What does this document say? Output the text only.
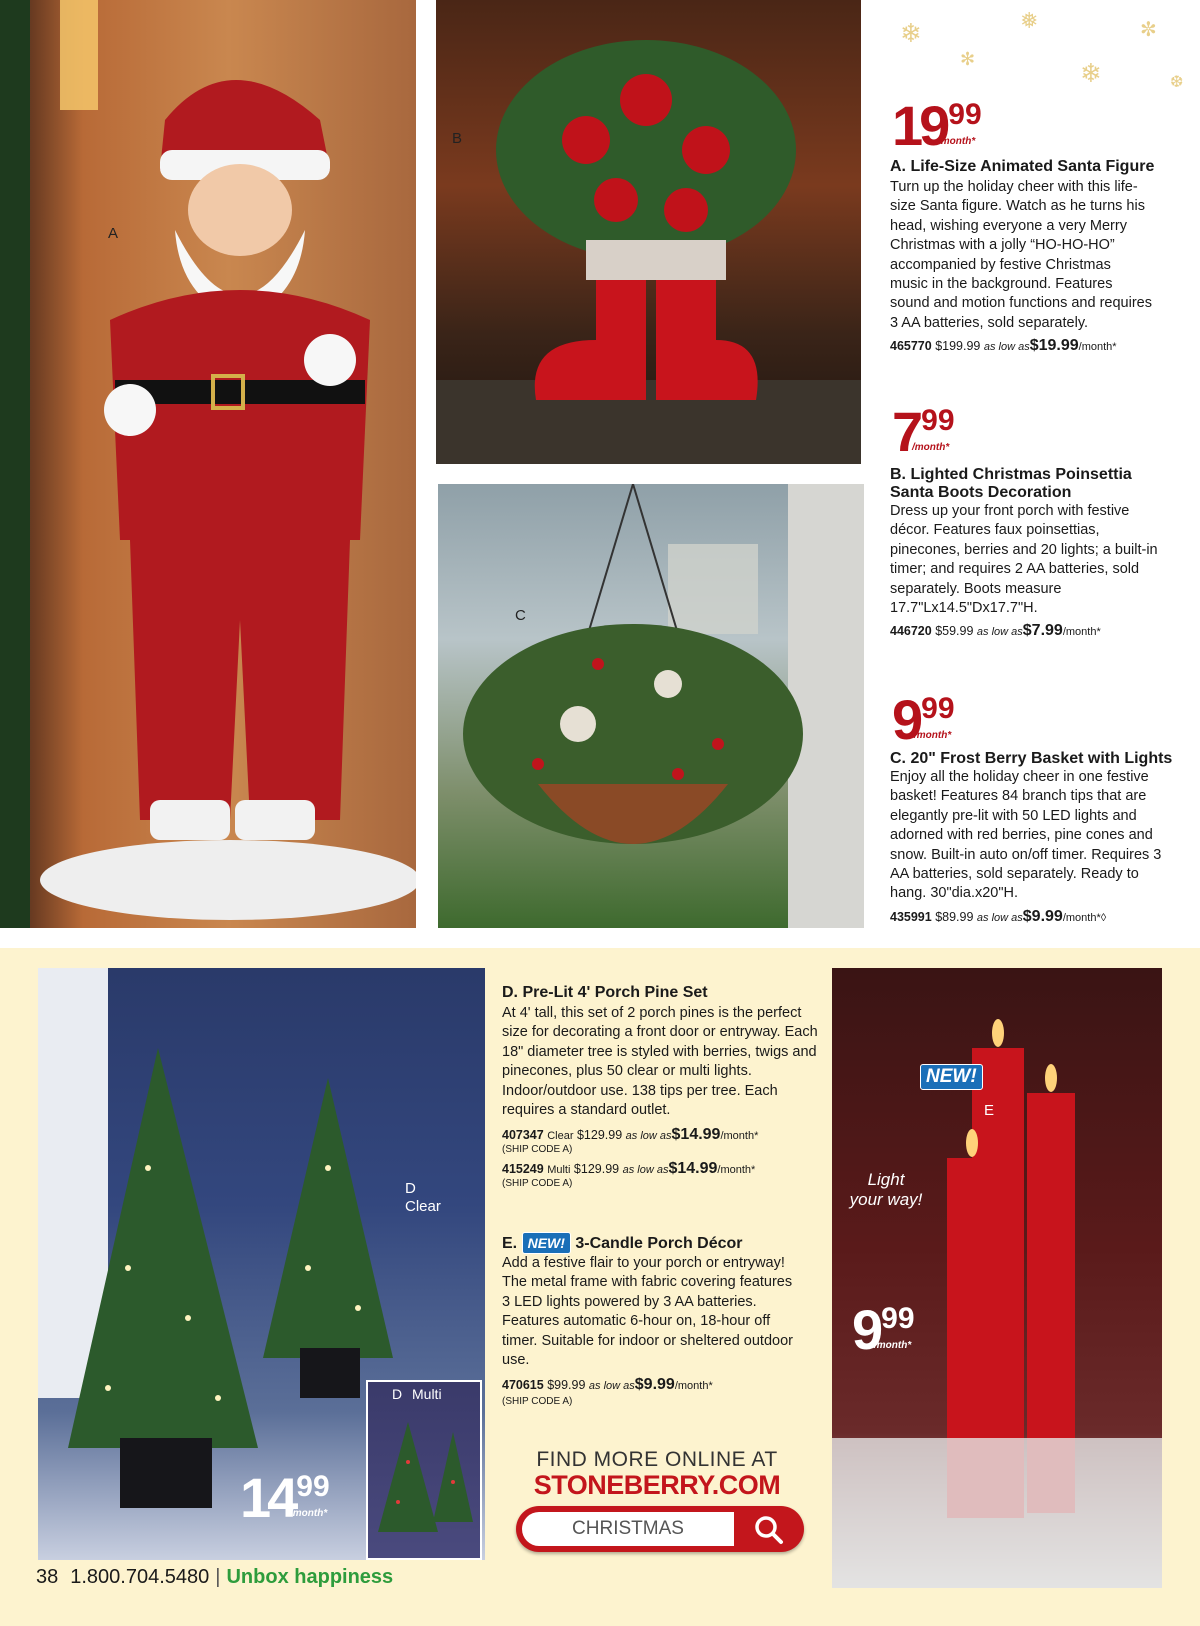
❄
✻
❅
❄
✼
❆
A
B
C
D
Clear
D Multi
NEW!
E
Light
your way!
19 99
/month*
A. Life-Size Animated Santa Figure
Turn up the holiday cheer with this life-size Santa figure. Watch as he turns his head, wishing everyone a very Merry Christmas with a jolly “HO-HO-HO” accompanied by festive Christmas music in the background. Features sound and motion functions and requires 3 AA batteries, sold separately.
465770 $199.99 as low as$19.99/month*
7 99
/month*
B. Lighted Christmas Poinsettia
Santa Boots Decoration
Dress up your front porch with festive décor. Features faux poinsettias, pinecones, berries and 20 lights; a built-in timer; and requires 2 AA batteries, sold separately. Boots measure 17.7"Lx14.5"Dx17.7"H.
446720 $59.99 as low as$7.99/month*
9 99
/month*
C. 20" Frost Berry Basket with Lights
Enjoy all the holiday cheer in one festive basket! Features 84 branch tips that are elegantly pre-lit with 50 LED lights and adorned with red berries, pine cones and snow. Built-in auto on/off timer. Requires 3 AA batteries, sold separately. Ready to hang. 30"dia.x20"H.
435991 $89.99 as low as$9.99/month*◊
14 99
/month*
D. Pre-Lit 4' Porch Pine Set
At 4' tall, this set of 2 porch pines is the perfect size for decorating a front door or entryway. Each 18" diameter tree is styled with berries, twigs and pinecones, plus 50 clear or multi lights. Indoor/outdoor use. 138 tips per tree. Each requires a standard outlet.
407347 Clear $129.99 as low as$14.99/month*
(SHIP CODE A)
415249 Multi $129.99 as low as$14.99/month*
(SHIP CODE A)
9 99
/month*
E. NEW! 3-Candle Porch Décor
Add a festive flair to your porch or entryway! The metal frame with fabric covering features 3 LED lights powered by 3 AA batteries. Features automatic 6-hour on, 18-hour off timer. Suitable for indoor or sheltered outdoor use.
470615 $99.99 as low as$9.99/month*
(SHIP CODE A)
FIND MORE ONLINE AT
STONEBERRY.COM
CHRISTMAS
38 1.800.704.5480 | Unbox happiness
